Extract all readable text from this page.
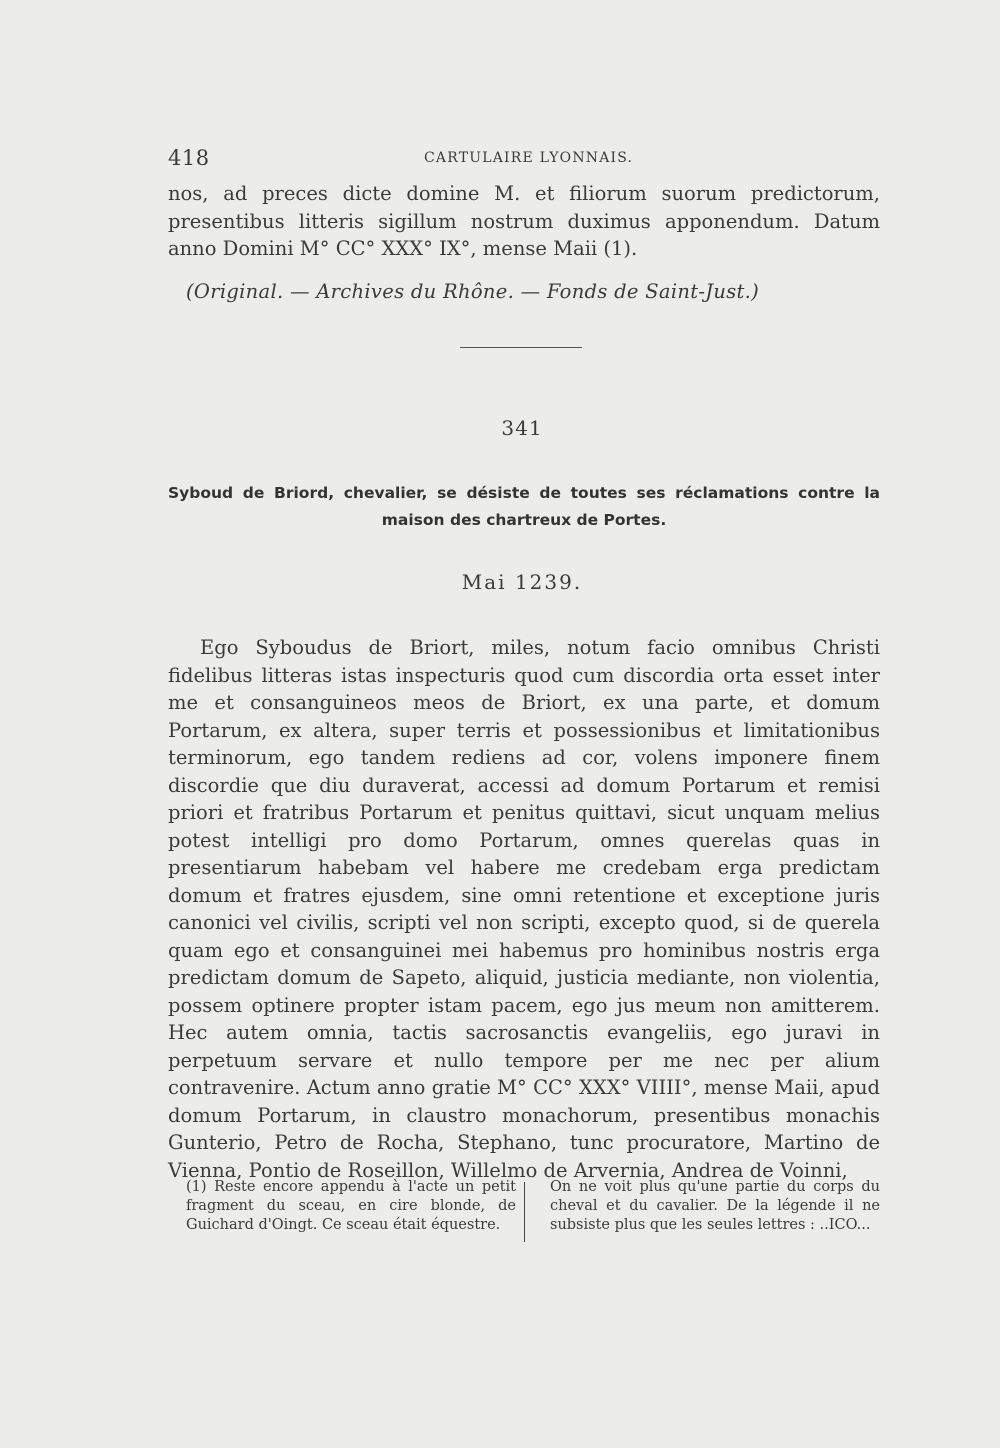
418	CARTULAIRE LYONNAIS.

nos, ad preces dicte domine M. et filiorum suorum predictorum, presentibus litteris sigillum nostrum duximus apponendum. Datum anno Domini M° CC° XXX° IX°, mense Maii (1).

(Original. — Archives du Rhône. — Fonds de Saint-Just.)
341
Syboud de Briord, chevalier, se désiste de toutes ses réclamations contre la maison des chartreux de Portes.
Mai 1239.

Ego Syboudus de Briort, miles, notum facio omnibus Christi fidelibus litteras istas inspecturis quod cum discordia orta esset inter me et consanguineos meos de Briort, ex una parte, et domum Portarum, ex altera, super terris et possessionibus et limitationibus terminorum, ego tandem rediens ad cor, volens imponere finem discordie que diu duraverat, accessi ad domum Portarum et remisi priori et fratribus Portarum et penitus quittavi, sicut unquam melius potest intelligi pro domo Portarum, omnes querelas quas in presentiarum habebam vel habere me credebam erga predictam domum et fratres ejusdem, sine omni retentione et exceptione juris canonici vel civilis, scripti vel non scripti, excepto quod, si de querela quam ego et consanguinei mei habemus pro hominibus nostris erga predictam domum de Sapeto, aliquid, justicia mediante, non violentia, possem optinere propter istam pacem, ego jus meum non amitterem. Hec autem omnia, tactis sacrosanctis evangeliis, ego juravi in perpetuum servare et nullo tempore per me nec per alium contravenire. Actum anno gratie M° CC° XXX° VIIII°, mense Maii, apud domum Portarum, in claustro monachorum, presentibus monachis Gunterio, Petro de Rocha, Stephano, tunc procuratore, Martino de Vienna, Pontio de Roseillon, Willelmo de Arvernia, Andrea de Voinni,

(1) Reste encore appendu à l'acte un petit fragment du sceau, en cire blonde, de Guichard d'Oingt. Ce sceau était équestre.
On ne voit plus qu'une partie du corps du cheval et du cavalier. De la légende il ne subsiste plus que les seules lettres : ..ICO...
